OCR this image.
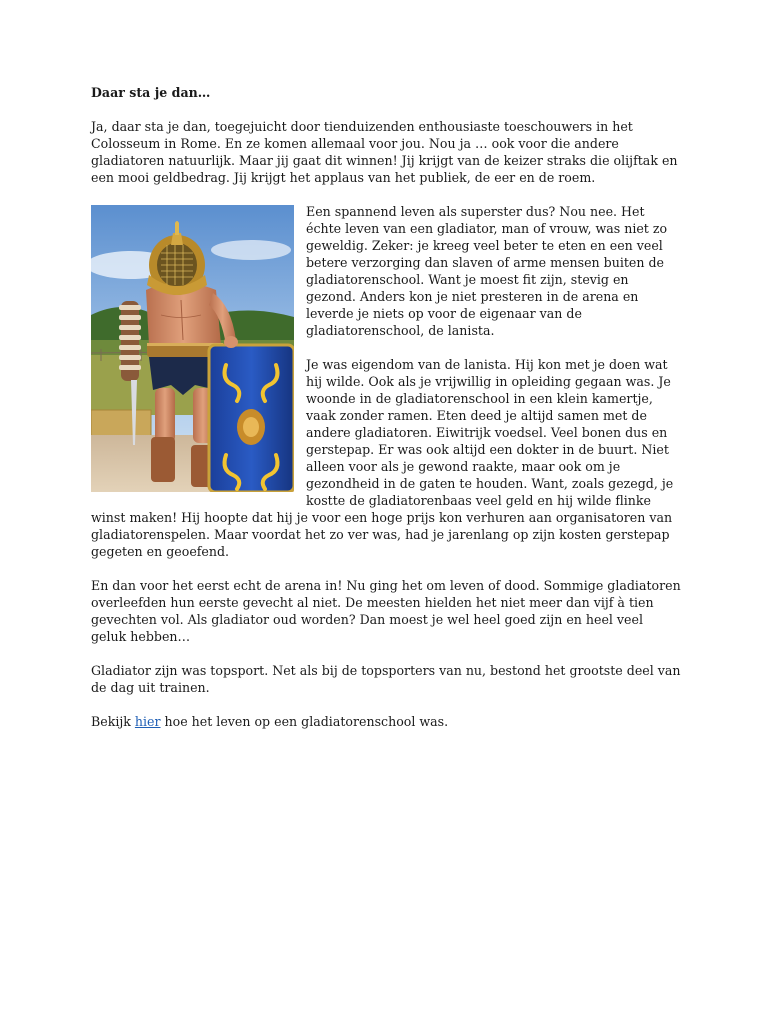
Daar sta je dan…

Ja, daar sta je dan, toegejuicht door tienduizenden enthousiaste toeschouwers in het Colosseum in Rome. En ze komen allemaal voor jou. Nou ja … ook voor die andere gladiatoren natuurlijk. Maar jij gaat dit winnen! Jij krijgt van de keizer straks die olijftak en een mooi geldbedrag. Jij krijgt het applaus van het publiek, de eer en de roem.

Een spannend leven als superster dus? Nou nee. Het échte leven van een gladiator, man of vrouw, was niet zo geweldig. Zeker: je kreeg veel beter te eten en een veel betere verzorging dan slaven of arme mensen buiten de gladiatorenschool. Want je moest fit zijn, stevig en gezond. Anders kon je niet presteren in de arena en leverde je niets op voor de eigenaar van de gladiatorenschool, de lanista.

Je was eigendom van de lanista. Hij kon met je doen wat hij wilde. Ook als je vrijwillig in opleiding gegaan was. Je woonde in de gladiatorenschool in een klein kamertje, vaak zonder ramen. Eten deed je altijd samen met de andere gladiatoren. Eiwitrijk voedsel. Veel bonen dus en gerstepap. Er was ook altijd een dokter in de buurt. Niet alleen voor als je gewond raakte, maar ook om je gezondheid in de gaten te houden. Want, zoals gezegd, je kostte de gladiatorenbaas veel geld en hij wilde flinke winst maken! Hij hoopte dat hij je voor een hoge prijs kon verhuren aan organisatoren van gladiatorenspelen. Maar voordat het zo ver was, had je jarenlang op zijn kosten gerstepap gegeten en geoefend.

En dan voor het eerst echt de arena in! Nu ging het om leven of dood. Sommige gladiatoren overleefden hun eerste gevecht al niet. De meesten hielden het niet meer dan vijf à tien gevechten vol. Als gladiator oud worden? Dan moest je wel heel goed zijn en heel veel geluk hebben…

Gladiator zijn was topsport. Net als bij de topsporters van nu, bestond het grootste deel van de dag uit trainen.

Bekijk hier hoe het leven op een gladiatorenschool was.
